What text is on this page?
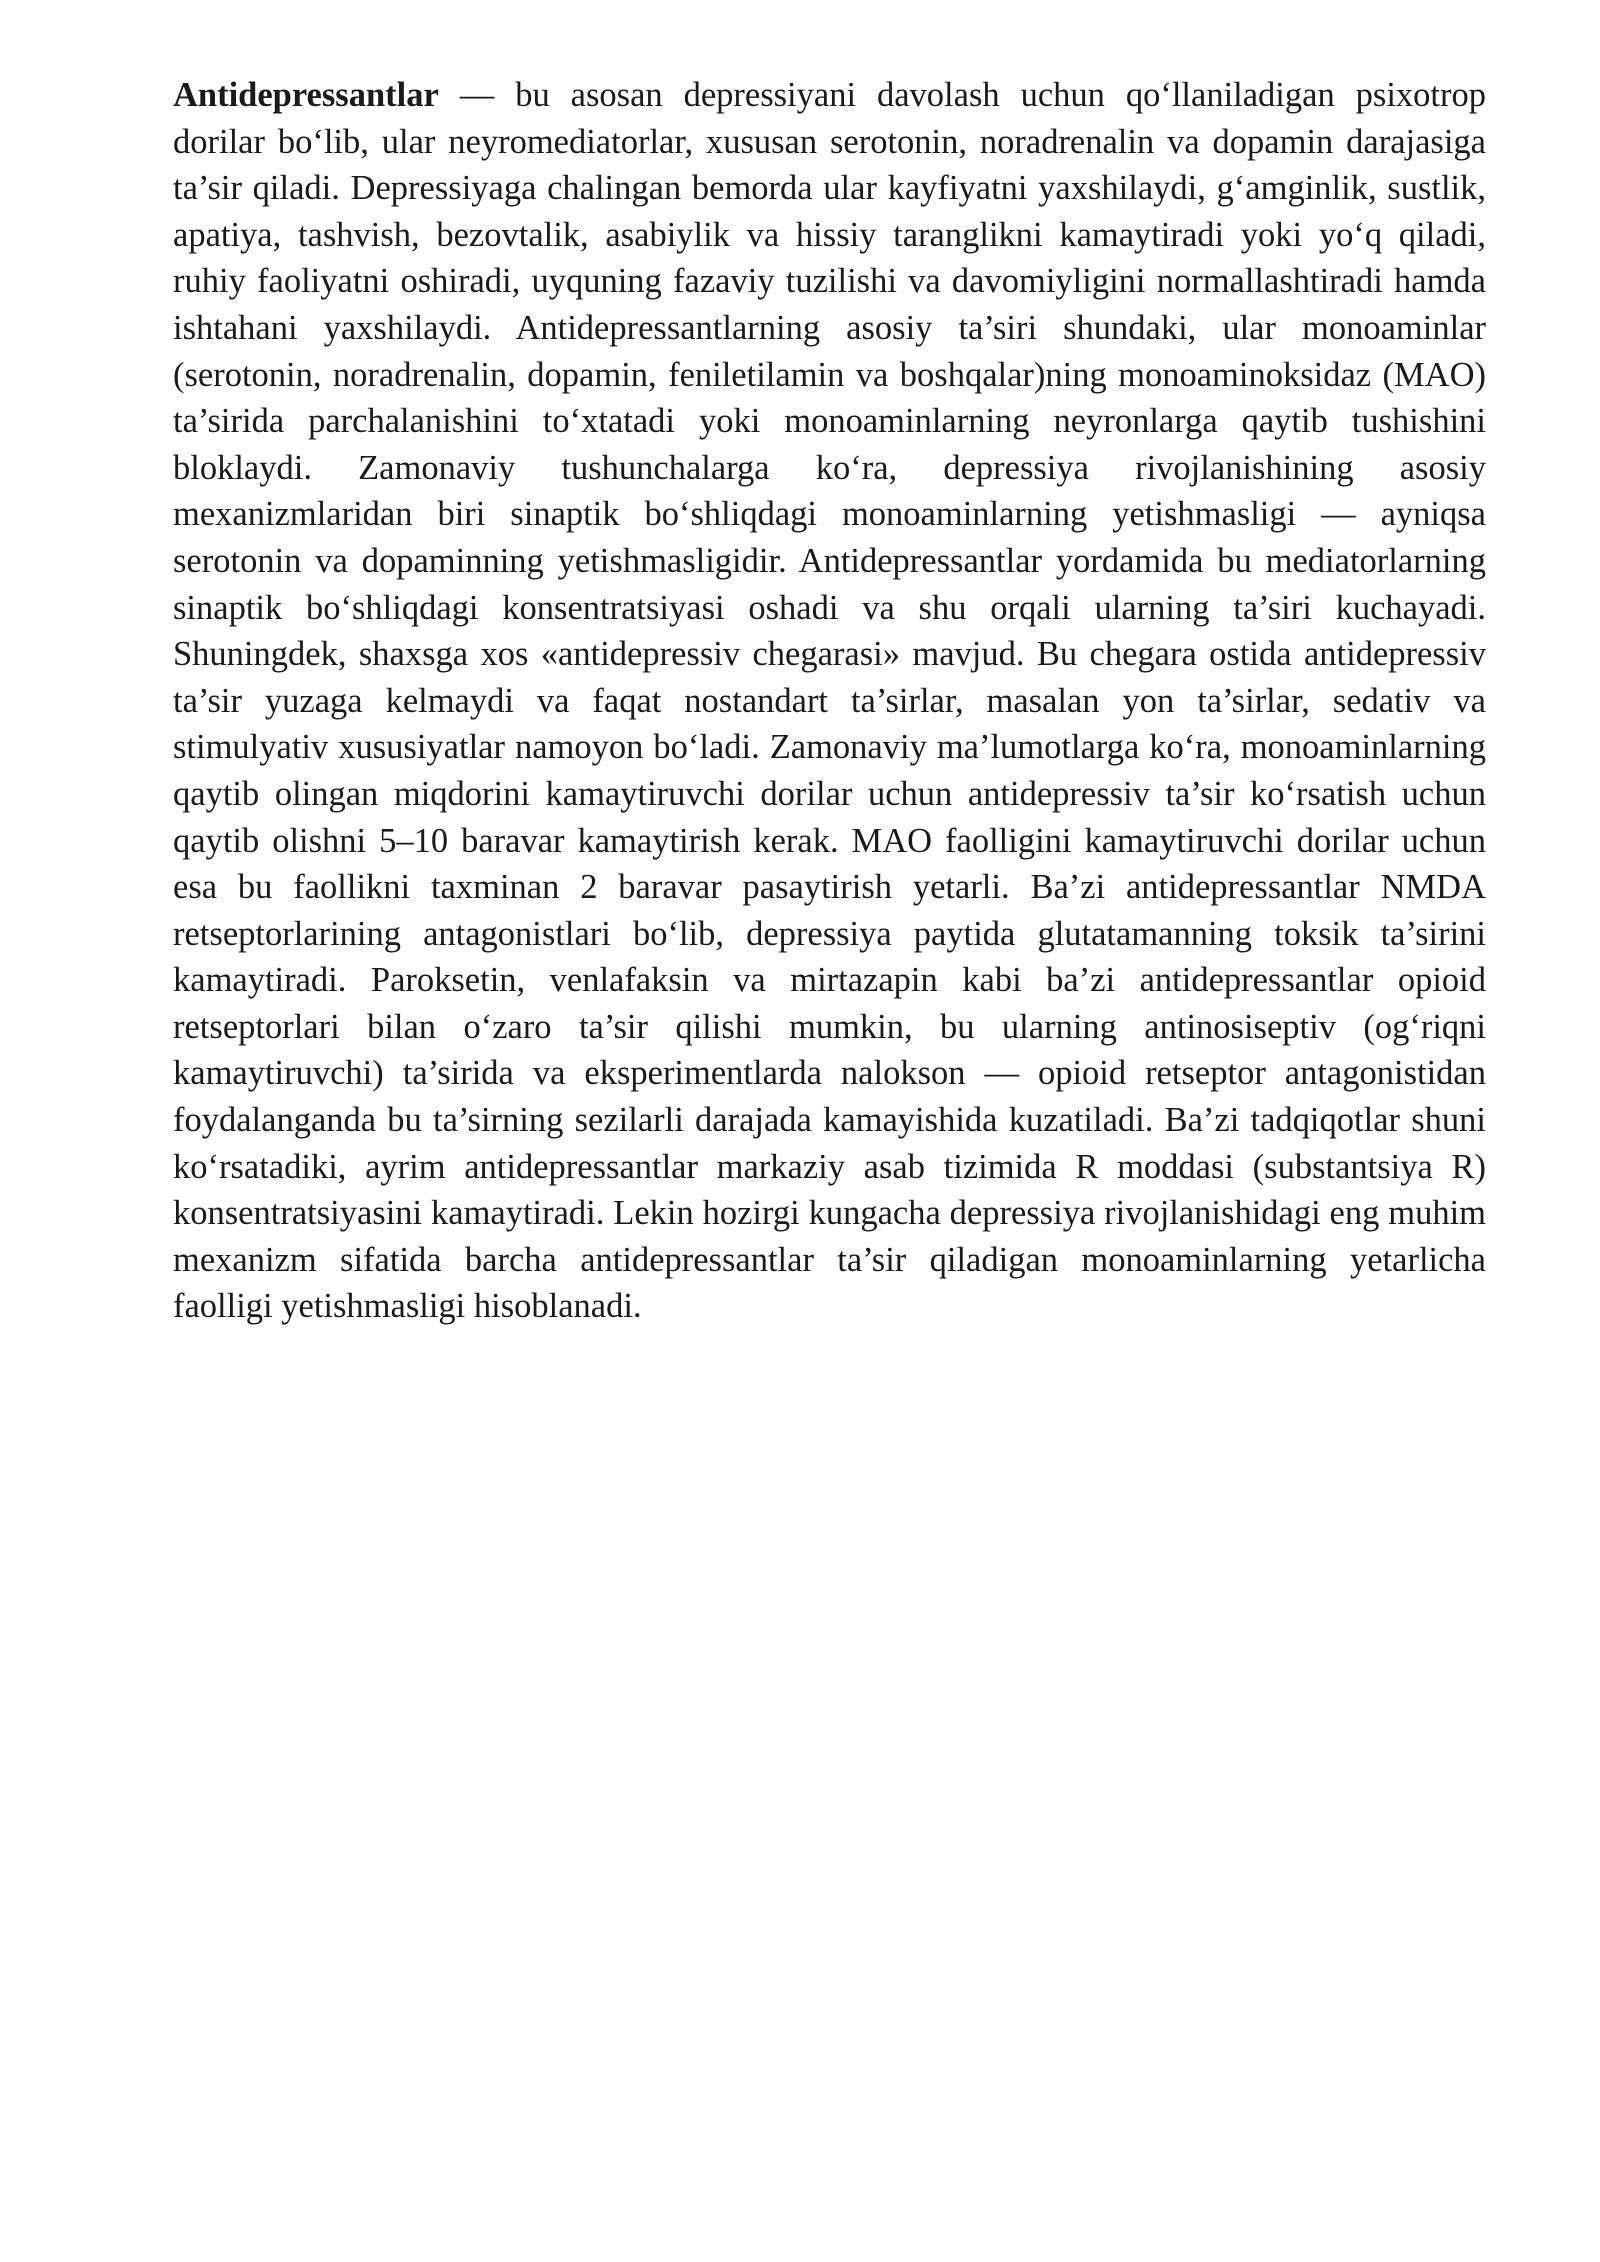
Antidepressantlar — bu asosan depressiyani davolash uchun qo‘llaniladigan psixotrop dorilar bo‘lib, ular neyromediatorlar, xususan serotonin, noradrenalin va dopamin darajasiga ta’sir qiladi. Depressiyaga chalingan bemorda ular kayfiyatni yaxshilaydi, g‘amginlik, sustlik, apatiya, tashvish, bezovtalik, asabiylik va hissiy taranglikni kamaytiradi yoki yo‘q qiladi, ruhiy faoliyatni oshiradi, uyquning fazaviy tuzilishi va davomiyligini normallashtiradi hamda ishtahani yaxshilaydi. Antidepressantlarning asosiy ta’siri shundaki, ular monoaminlar (serotonin, noradrenalin, dopamin, feniletilamin va boshqalar)ning monoaminoksidaz (MAO) ta’sirida parchalanishini to‘xtatadi yoki monoaminlarning neyronlarga qaytib tushishini bloklaydi. Zamonaviy tushunchalarga ko‘ra, depressiya rivojlanishining asosiy mexanizmlaridan biri sinaptik bo‘shliqdagi monoaminlarning yetishmasligi — ayniqsa serotonin va dopaminning yetishmasligidir. Antidepressantlar yordamida bu mediatorlarning sinaptik bo‘shliqdagi konsentratsiyasi oshadi va shu orqali ularning ta’siri kuchayadi. Shuningdek, shaxsga xos «antidepressiv chegarasi» mavjud. Bu chegara ostida antidepressiv ta’sir yuzaga kelmaydi va faqat nostandart ta’sirlar, masalan yon ta’sirlar, sedativ va stimulyativ xususiyatlar namoyon bo‘ladi. Zamonaviy ma’lumotlarga ko‘ra, monoaminlarning qaytib olingan miqdorini kamaytiruvchi dorilar uchun antidepressiv ta’sir ko‘rsatish uchun qaytib olishni 5–10 baravar kamaytirish kerak. MAO faolligini kamaytiruvchi dorilar uchun esa bu faollikni taxminan 2 baravar pasaytirish yetarli. Ba’zi antidepressantlar NMDA retseptorlarining antagonistlari bo‘lib, depressiya paytida glutatamanning toksik ta’sirini kamaytiradi. Paroksetin, venlafaksin va mirtazapin kabi ba’zi antidepressantlar opioid retseptorlari bilan o‘zaro ta’sir qilishi mumkin, bu ularning antinosiseptiv (og‘riqni kamaytiruvchi) ta’sirida va eksperimentlarda nalokson — opioid retseptor antagonistidan foydalanganda bu ta’sirning sezilarli darajada kamayishida kuzatiladi. Ba’zi tadqiqotlar shuni ko‘rsatadiki, ayrim antidepressantlar markaziy asab tizimida R moddasi (substantsiya R) konsentratsiyasini kamaytiradi. Lekin hozirgi kungacha depressiya rivojlanishidagi eng muhim mexanizm sifatida barcha antidepressantlar ta’sir qiladigan monoaminlarning yetarlicha faolligi yetishmasligi hisoblanadi.
